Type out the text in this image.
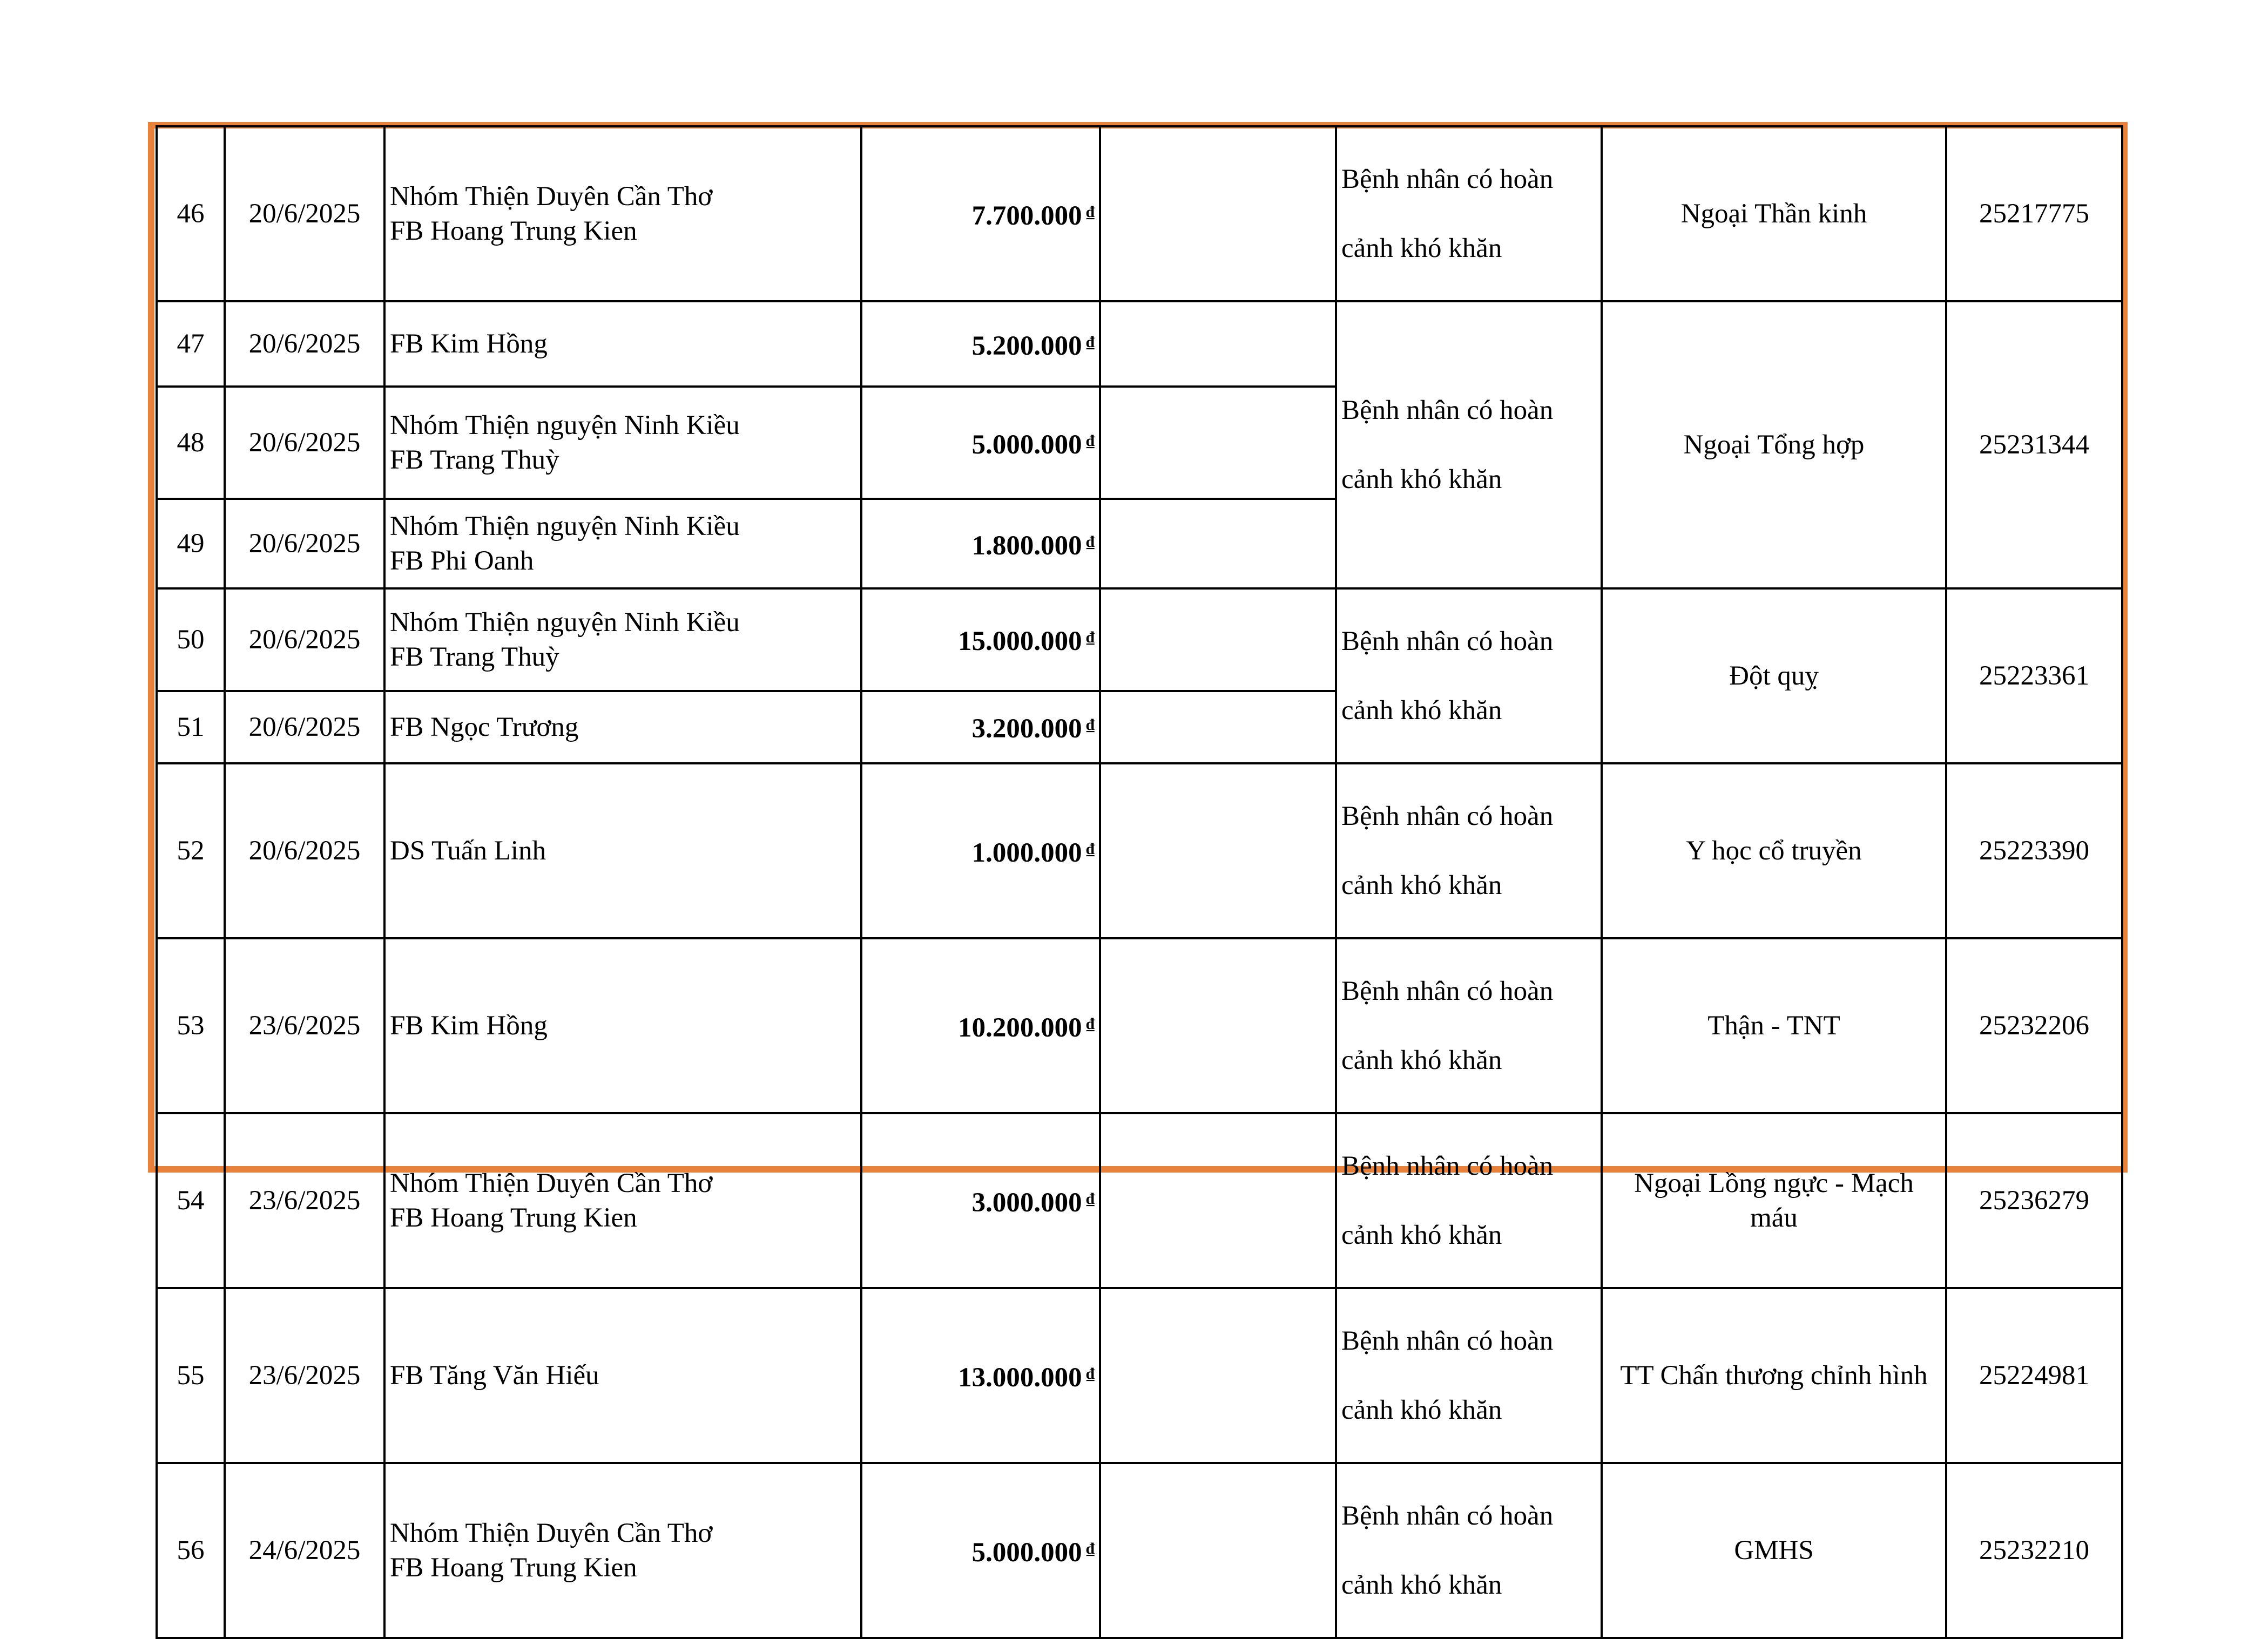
46	20/6/2025	Nhóm Thiện Duyên Cần Thơ
FB Hoang Trung Kien	7.700.000 ₫		Bệnh nhân có hoàn

cảnh khó khăn	Ngoại Thần kinh	25217775
47	20/6/2025	FB Kim Hồng	5.200.000 ₫		Bệnh nhân có hoàn

cảnh khó khăn	Ngoại Tổng hợp	25231344
48	20/6/2025	Nhóm Thiện nguyện Ninh Kiều
FB Trang Thuỳ	5.000.000 ₫	
49	20/6/2025	Nhóm Thiện nguyện Ninh Kiều
FB Phi Oanh	1.800.000 ₫	
50	20/6/2025	Nhóm Thiện nguyện Ninh Kiều
FB Trang Thuỳ	15.000.000 ₫		Bệnh nhân có hoàn

cảnh khó khăn	Đột quỵ	25223361
51	20/6/2025	FB Ngọc Trương	3.200.000 ₫	
52	20/6/2025	DS Tuấn Linh	1.000.000 ₫		Bệnh nhân có hoàn

cảnh khó khăn	Y học cổ truyền	25223390
53	23/6/2025	FB Kim Hồng	10.200.000 ₫		Bệnh nhân có hoàn

cảnh khó khăn	Thận - TNT	25232206
54	23/6/2025	Nhóm Thiện Duyên Cần Thơ
FB Hoang Trung Kien	3.000.000 ₫		Bệnh nhân có hoàn

cảnh khó khăn	Ngoại Lồng ngực - Mạch máu	25236279
55	23/6/2025	FB Tăng Văn Hiếu	13.000.000 ₫		Bệnh nhân có hoàn

cảnh khó khăn	TT Chấn thương chỉnh hình	25224981
56	24/6/2025	Nhóm Thiện Duyên Cần Thơ
FB Hoang Trung Kien	5.000.000 ₫		Bệnh nhân có hoàn

cảnh khó khăn	GMHS	25232210
